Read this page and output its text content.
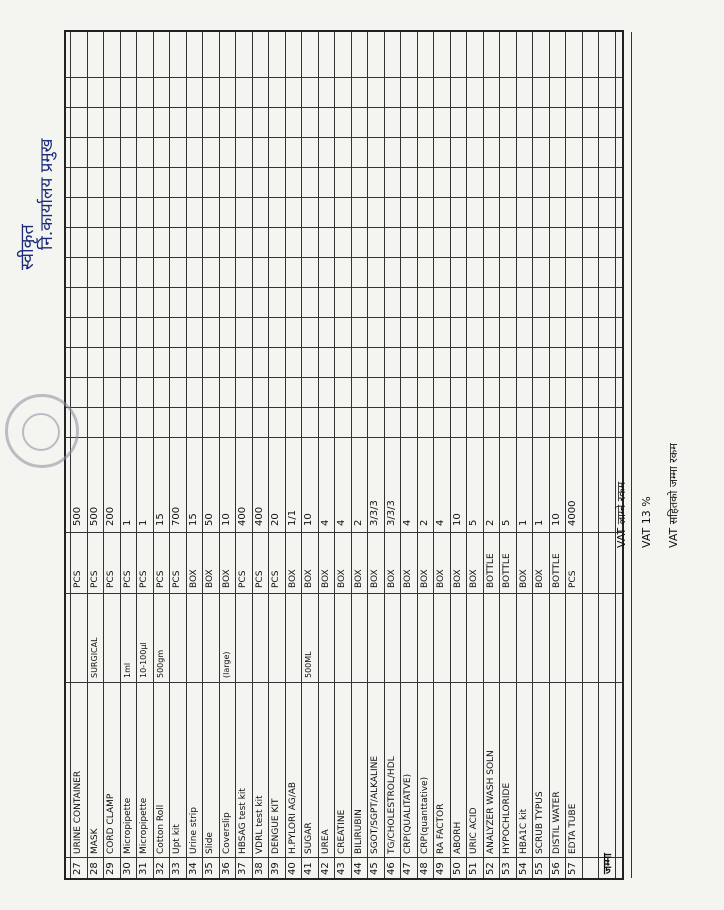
27
URINE CONTAINER
PCS
500
28
MASK
SURGICAL
PCS
500
29
CORD CLAMP
PCS
200
30
Micropipette
1ml
PCS
1
31
Micropipette
10-100µl
PCS
1
32
Cotton Roll
500gm
PCS
15
33
Upt kit
PCS
700
34
Urine strip
BOX
15
35
Slide
BOX
50
36
Coverslip
(large)
BOX
10
37
HBSAG test kit
PCS
400
38
VDRL test kit
PCS
400
39
DENGUE KIT
PCS
20
40
H.PYLORI AG/AB
BOX
1/1
41
SUGAR
500ML
BOX
10
42
UREA
BOX
4
43
CREATINE
BOX
4
44
BILIRUBIN
BOX
2
45
SGOT/SGPT/ALKALINE
BOX
3/3/3
46
TG/CHOLESTROL/HDL
BOX
3/3/3
47
CRP(QUALITATVE)
BOX
4
48
CRP(quanttative)
BOX
2
49
RA FACTOR
BOX
4
50
ABORH
BOX
10
51
URIC ACID
BOX
5
52
ANALYZER WASH SOLN
BOTTLE
2
53
HYPOCHLORIDE
BOTTLE
5
54
HBA1C kit
BOX
1
55
SCRUB TYPUS
BOX
1
56
DISTIL WATER
BOTTLE
10
57
EDTA TUBE
PCS
4000
जम्मा
VAT लाग्ने रकम VAT 13 % VAT सहितको जम्मा रकम
स्वीकृत नि.कार्यालय प्रमुख
